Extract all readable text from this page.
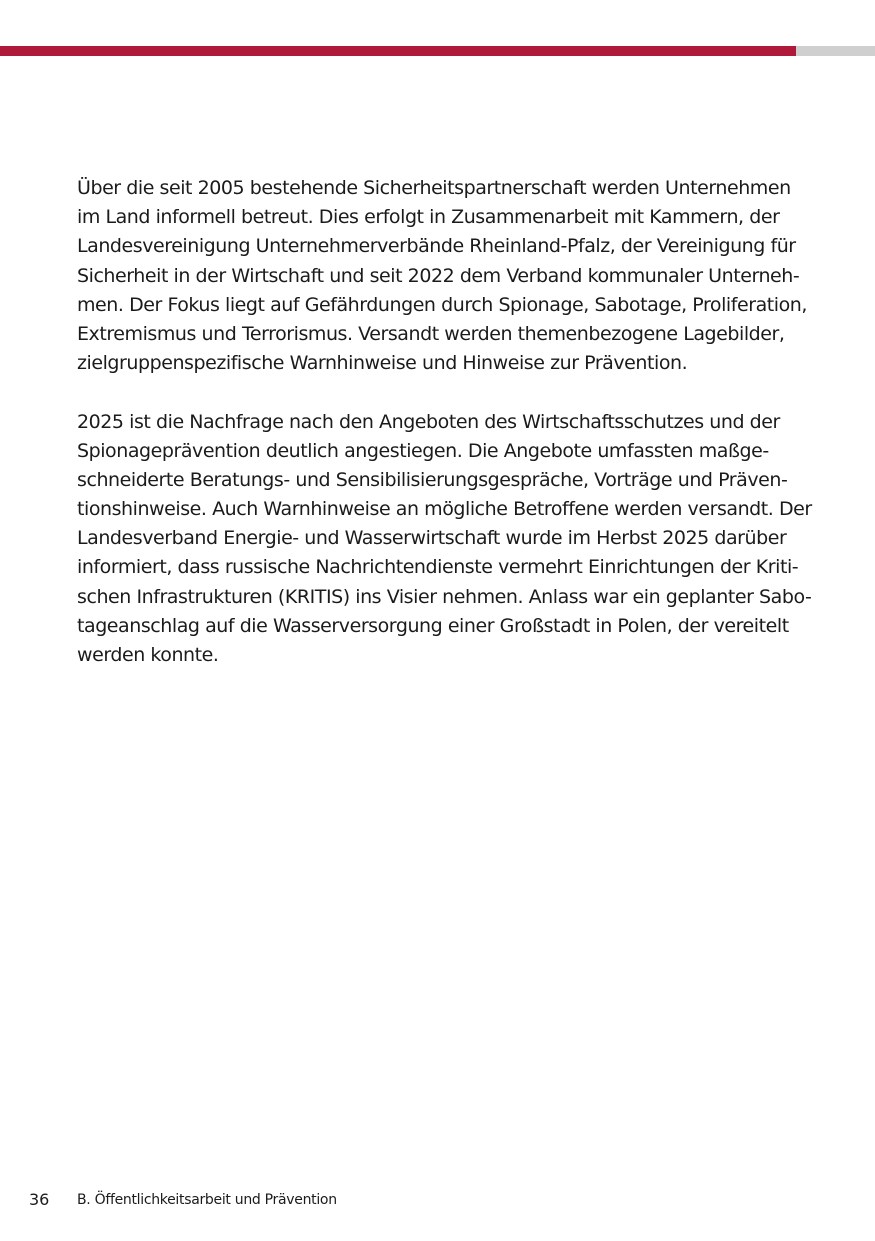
Über die seit 2005 bestehende Sicherheitspartnerschaft werden Unternehmen
im Land informell betreut. Dies erfolgt in Zusammenarbeit mit Kammern, der
Landesvereinigung Unternehmerverbände Rheinland-Pfalz, der Vereinigung für
Sicherheit in der Wirtschaft und seit 2022 dem Verband kommunaler Unterneh-
men. Der Fokus liegt auf Gefährdungen durch Spionage, Sabotage, Proliferation,
Extremismus und Terrorismus. Versandt werden themenbezogene Lagebilder,
zielgruppenspezifische Warnhinweise und Hinweise zur Prävention.
2025 ist die Nachfrage nach den Angeboten des Wirtschaftsschutzes und der
Spionageprävention deutlich angestiegen. Die Angebote umfassten maßge-
schneiderte Beratungs- und Sensibilisierungsgespräche, Vorträge und Präven-
tionshinweise. Auch Warnhinweise an mögliche Betroffene werden versandt. Der
Landesverband Energie- und Wasserwirtschaft wurde im Herbst 2025 darüber
informiert, dass russische Nachrichtendienste vermehrt Einrichtungen der Kriti-
schen Infrastrukturen (KRITIS) ins Visier nehmen. Anlass war ein geplanter Sabo-
tageanschlag auf die Wasserversorgung einer Großstadt in Polen, der vereitelt
werden konnte.
36 B. Öffentlichkeitsarbeit und Prävention
